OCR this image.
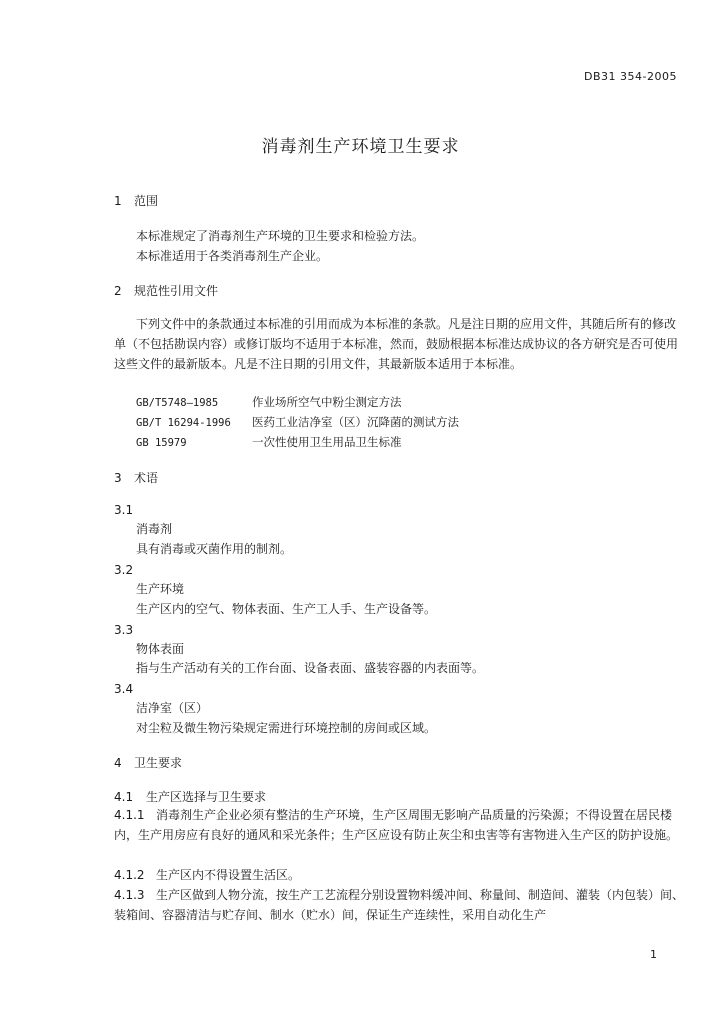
DB31 354-2005
消毒剂生产环境卫生要求
1 范围
本标准规定了消毒剂生产环境的卫生要求和检验方法。
本标准适用于各类消毒剂生产企业。
2 规范性引用文件
下列文件中的条款通过本标准的引用而成为本标准的条款。凡是注日期的应用文件，其随后所有的修改单（不包括勘误内容）或修订版均不适用于本标准，然而，鼓励根据本标准达成协议的各方研究是否可使用这些文件的最新版本。凡是不注日期的引用文件，其最新版本适用于本标准。
GB/T5748—1985	作业场所空气中粉尘测定方法
GB/T 16294-1996 医药工业洁净室（区）沉降菌的测试方法
GB 15979	一次性使用卫生用品卫生标准
3 术语
3.1
消毒剂
具有消毒或灭菌作用的制剂。
3.2
生产环境
生产区内的空气、物体表面、生产工人手、生产设备等。
3.3
物体表面
指与生产活动有关的工作台面、设备表面、盛装容器的内表面等。
3.4
洁净室（区）
对尘粒及微生物污染规定需进行环境控制的房间或区域。
4 卫生要求
4.1 生产区选择与卫生要求
4.1.1 消毒剂生产企业必须有整洁的生产环境，生产区周围无影响产品质量的污染源；不得设置在居民楼内，生产用房应有良好的通风和采光条件；生产区应设有防止灰尘和虫害等有害物进入生产区的防护设施。
4.1.2 生产区内不得设置生活区。
4.1.3 生产区做到人物分流，按生产工艺流程分别设置物料缓冲间、称量间、制造间、灌装（内包装）间、装箱间、容器清洁与贮存间、制水（贮水）间，保证生产连续性，采用自动化生产
1
